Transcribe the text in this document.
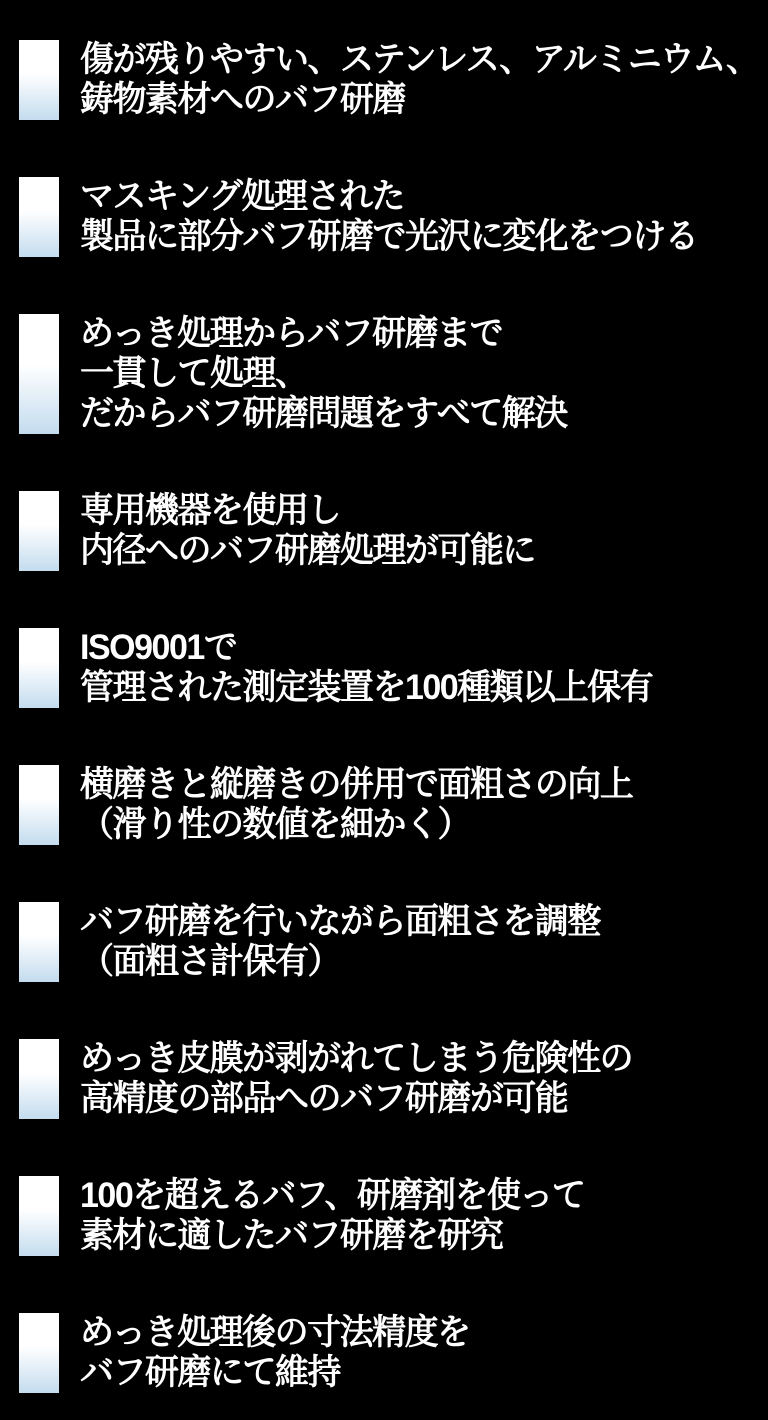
傷が残りやすい、ステンレス、アルミニウム、
鋳物素材へのバフ研磨
マスキング処理された
製品に部分バフ研磨で光沢に変化をつける
めっき処理からバフ研磨まで
一貫して処理、
だからバフ研磨問題をすべて解決
専用機器を使用し
内径へのバフ研磨処理が可能に
ISO9001で
管理された測定装置を100種類以上保有
横磨きと縦磨きの併用で面粗さの向上
（滑り性の数値を細かく）
バフ研磨を行いながら面粗さを調整
（面粗さ計保有）
めっき皮膜が剥がれてしまう危険性の
高精度の部品へのバフ研磨が可能
100を超えるバフ、研磨剤を使って
素材に適したバフ研磨を研究
めっき処理後の寸法精度を
バフ研磨にて維持
